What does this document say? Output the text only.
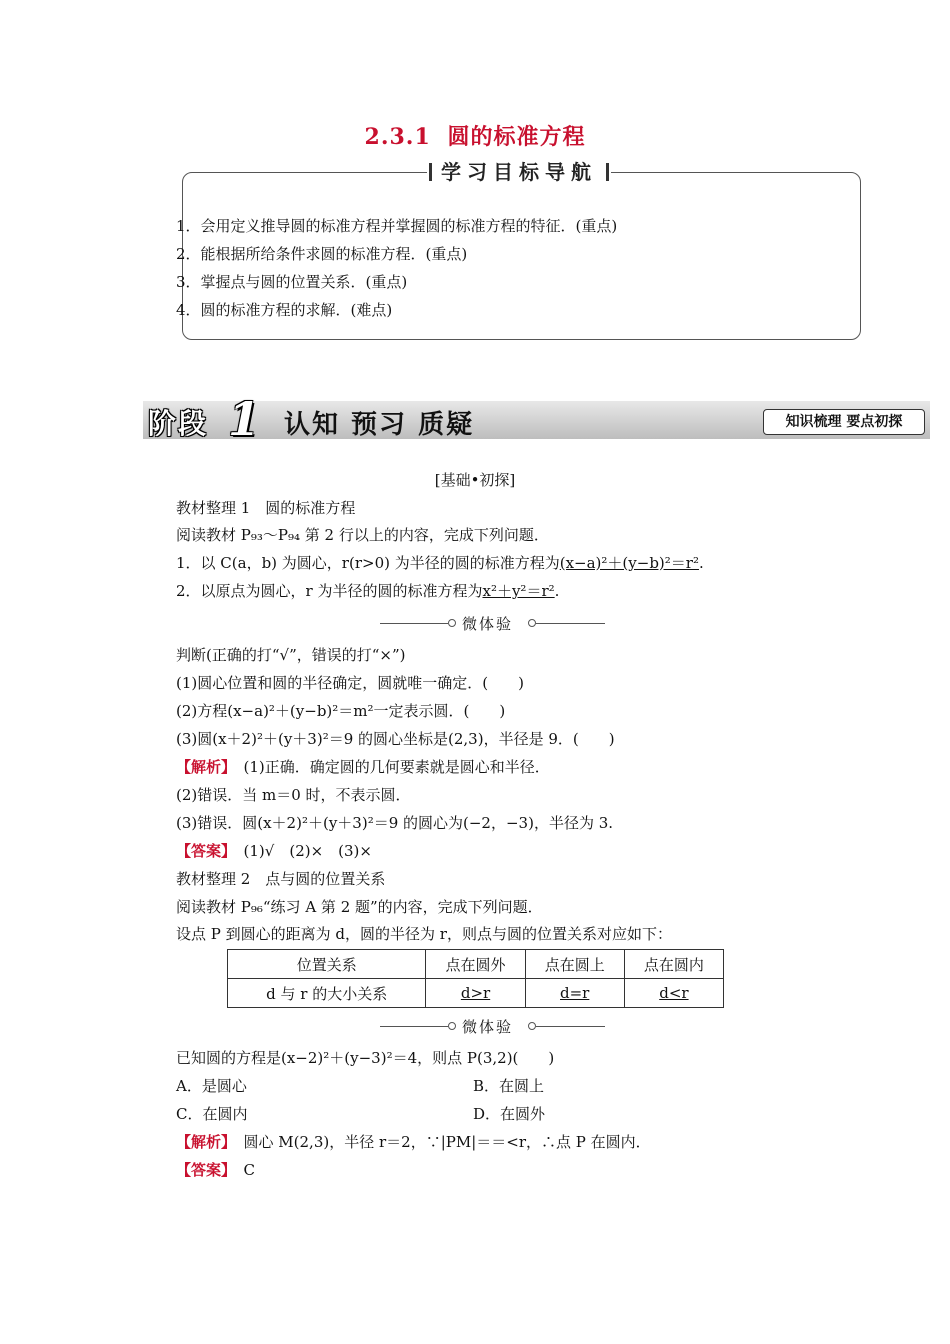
2.3.1 圆的标准方程
学习目标导航
1．会用定义推导圆的标准方程并掌握圆的标准方程的特征．(重点)
2．能根据所给条件求圆的标准方程．(重点)
3．掌握点与圆的位置关系．(重点)
4．圆的标准方程的求解．(难点)
阶段 1 认知 预习 质疑	知识梳理 要点初探
[基础•初探]
教材整理 1　圆的标准方程
阅读教材 P₉₃～P₉₄ 第 2 行以上的内容，完成下列问题．
1．以 C(a，b) 为圆心，r(r>0) 为半径的圆的标准方程为(x−a)²＋(y−b)²＝r².
2．以原点为圆心，r 为半径的圆的标准方程为x²＋y²＝r².
微体验
判断(正确的打“√”，错误的打“×”)
(1)圆心位置和圆的半径确定，圆就唯一确定．(　　)
(2)方程(x−a)²＋(y−b)²＝m²一定表示圆．(　　)
(3)圆(x＋2)²＋(y＋3)²＝9 的圆心坐标是(2,3)，半径是 9．(　　)
【解析】　 (1)正确．确定圆的几何要素就是圆心和半径．
(2)错误．当 m＝0 时，不表示圆．
(3)错误．圆(x＋2)²＋(y＋3)²＝9 的圆心为(−2，−3)，半径为 3.
【答案】　 (1)√　(2)×　(3)×
教材整理 2　点与圆的位置关系
阅读教材 P₉₆“练习 A 第 2 题”的内容，完成下列问题．
设点 P 到圆心的距离为 d，圆的半径为 r，则点与圆的位置关系对应如下：
位置关系	点在圆外	点在圆上	点在圆内
d 与 r 的大小关系	d>r	d=r	d<r
微体验
已知圆的方程是(x−2)²＋(y−3)²＝4，则点 P(3,2)(　　)
A．是圆心	B．在圆上
C．在圆内	D．在圆外
【解析】　 圆心 M(2,3)，半径 r＝2，∵|PM|＝＝<r，∴点 P 在圆内．
【答案】　 C
